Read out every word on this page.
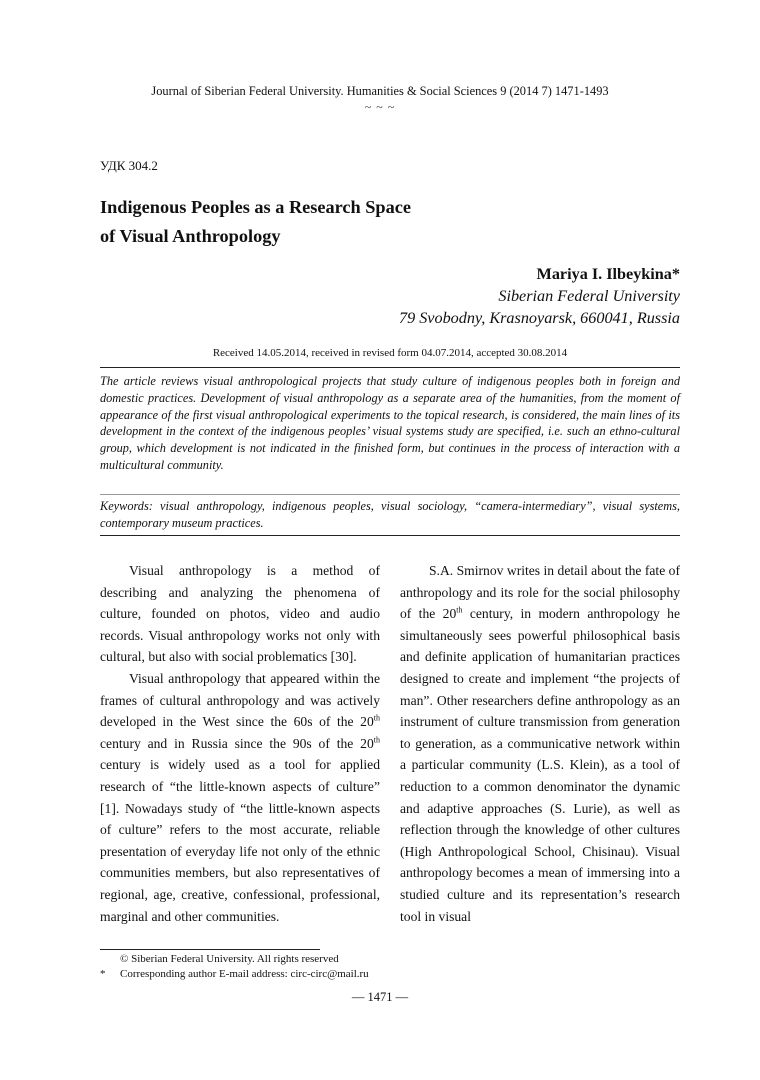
Journal of Siberian Federal University. Humanities & Social Sciences 9 (2014 7) 1471-1493
~ ~ ~
УДК 304.2
Indigenous Peoples as a Research Space
of Visual Anthropology
Mariya I. Ilbeykina*
Siberian Federal University
79 Svobodny, Krasnoyarsk, 660041, Russia
Received 14.05.2014, received in revised form 04.07.2014, accepted 30.08.2014
The article reviews visual anthropological projects that study culture of indigenous peoples both in foreign and domestic practices. Development of visual anthropology as a separate area of the humanities, from the moment of appearance of the first visual anthropological experiments to the topical research, is considered, the main lines of its development in the context of the indigenous peoples’ visual systems study are specified, i.e. such an ethno-cultural group, which development is not indicated in the finished form, but continues in the process of interaction with a multicultural community.
Keywords: visual anthropology, indigenous peoples, visual sociology, “camera-intermediary”, visual systems, contemporary museum practices.

Visual anthropology is a method of describing and analyzing the phenomena of culture, founded on photos, video and audio records. Visual anthropology works not only with cultural, but also with social problematics [30].

Visual anthropology that appeared within the frames of cultural anthropology and was actively developed in the West since the 60s of the 20th century and in Russia since the 90s of the 20th century is widely used as a tool for applied research of “the little-known aspects of culture” [1]. Nowadays study of “the little-known aspects of culture” refers to the most accurate, reliable presentation of everyday life not only of the ethnic communities members, but also representatives of regional, age, creative, confessional, professional, marginal and other communities.

S.A. Smirnov writes in detail about the fate of anthropology and its role for the social philosophy of the 20th century, in modern anthropology he simultaneously sees powerful philosophical basis and definite application of humanitarian practices designed to create and implement “the projects of man”. Other researchers define anthropology as an instrument of culture transmission from generation to generation, as a communicative network within a particular community (L.S. Klein), as a tool of reduction to a common denominator the dynamic and adaptive approaches (S. Lurie), as well as reflection through the knowledge of other cultures (High Anthropological School, Chisinau). Visual anthropology becomes a mean of immersing into a studied culture and its representation’s research tool in visual

© Siberian Federal University. All rights reserved
* Corresponding author E-mail address: circ-circ@mail.ru
— 1471 —
